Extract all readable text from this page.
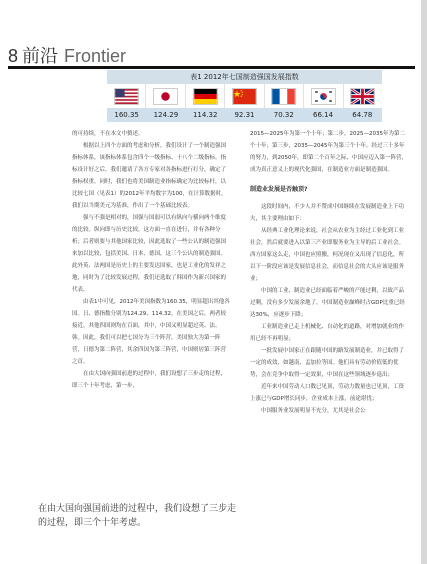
8 前沿 Frontier
表1 2012年七国制造强国发展指数
160.35	124.29	114.32	92.31	70.32	66.14	64.78

的可持续，不在本文中赘述。

根据以上四个方面的考虑和分析，我们设计了一个制造强国指标体系，该指标体系包含四个一级指标、十八个二级指标。指标设计好之后，我们邀请了各方专家对各指标进行打分，确定了指标权重。同时，我们也将美国制造业指标确定为比较标杆，以比较七国（见表1）的2012年平均数字为100，在计算数据时，我们以当期美元为基准，作出了一个基础比较表。

强与不强是相对的，国强与国弱可以有纵向与横向两个维度的比较。纵向即与历史比较，这方面一直在进行，并有各种分析；后者则要与其他国家比较，因此选取了一些公认的制造强国来加以比较，包括美国、日本、德国，这三个公认的制造强国。此外英、法两国是历史上的主要发达国家，也是工业化的发祥之地，同时为了比较发展过程，我们还选取了韩国作为新兴国家的代表。

由表1中可见，2012年美国指数为160.35，明显超出其他各国。日、德指数分别为124.29、114.32，在美国之后，两者较接近。其他四国则均在百面，其中，中国又明显超过英、法、韩。因此，我们可以把七国分为三个阵营，美国独大为第一阵营，日德为第二阵营，其余四国为第三阵营，中国则居第三阵营之首。

在由大国向强国前进的过程中，我们设想了三步走的过程，即三个十年考虑，第一步，

2015—2025年为第一个十年；第二步，2025—2035年为第二个十年；第三步，2035—2045年为第三个十年。经过三十多年的努力，到2050年，即第二个百年之际，中国应迈入第一阵营，成为真正意义上的现代化强国，在制造业方面是制造强国。

制造业发展是否触顶?

这段时间内，不少人并不赞成中国继续在发展制造业上下功夫，其主要理由如下：

从经典工业化理论来说，社会从农业为主经过工业化到工业社会，然后就要进入以第三产业即服务业为主导的后工业社会。西方国家这么走，中国也应照搬，何况现在又出现了信息化，所以下一阶段应该是发展信息社会，而信息社会的大头应该是服务业；

中国的工业、制造业已经面临着严峻的产能过剩，以致产品过剩，没有多少发展余地了。中国制造业巅峰时占GDP比重已经达30%，应逐步下降；

工业制造业已走上机械化、自动化的道路，对增加就业的作用已经不再明显；

一批发展中国家正在跟随中国的路发展制造业，并已取得了一定的成效，如越南、孟加拉等国。他们具有劳动价值低的优势，会在竞争中取得一定效果，中国在这些领域逐步退出；

近年来中国劳动人口数已见顶，劳动力数量也已见顶，工资上涨已与GDP增长同步，企业成本上涨，前途堪忧；

中国服务业发展明显不充分，尤其是社会公

在由大国向强国前进的过程中，我们设想了三步走的过程，即三个十年考虑。
